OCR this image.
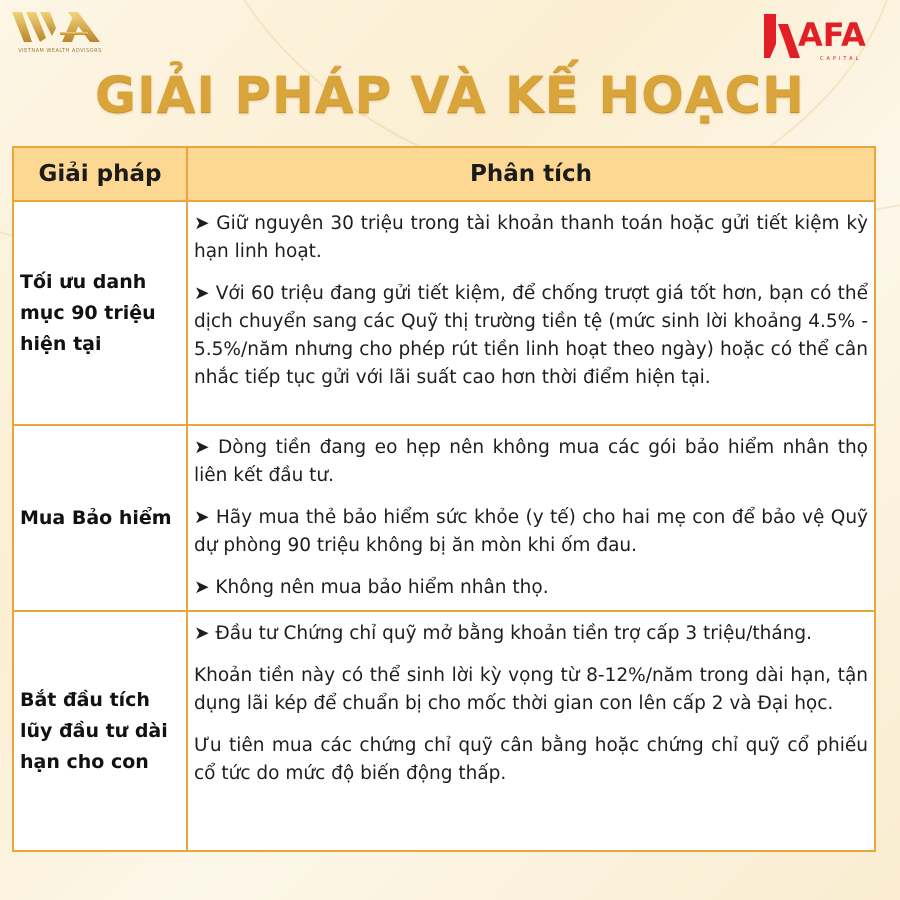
VIETNAM WEALTH ADVISORS	AFA
CAPITAL
GIẢI PHÁP VÀ KẾ HOẠCH
Giải pháp	Phân tích
Tối ưu danh mục 90 triệu hiện tại	➤ Giữ nguyên 30 triệu trong tài khoản thanh toán hoặc gửi tiết kiệm kỳ hạn linh hoạt.

➤ Với 60 triệu đang gửi tiết kiệm, để chống trượt giá tốt hơn, bạn có thể dịch chuyển sang các Quỹ thị trường tiền tệ (mức sinh lời khoảng 4.5% - 5.5%/năm nhưng cho phép rút tiền linh hoạt theo ngày) hoặc có thể cân nhắc tiếp tục gửi với lãi suất cao hơn thời điểm hiện tại.

Mua Bảo hiểm	➤ Dòng tiền đang eo hẹp nên không mua các gói bảo hiểm nhân thọ liên kết đầu tư.

➤ Hãy mua thẻ bảo hiểm sức khỏe (y tế) cho hai mẹ con để bảo vệ Quỹ dự phòng 90 triệu không bị ăn mòn khi ốm đau.

➤ Không nên mua bảo hiểm nhân thọ.

Bắt đầu tích lũy đầu tư dài hạn cho con	➤ Đầu tư Chứng chỉ quỹ mở bằng khoản tiền trợ cấp 3 triệu/tháng.

Khoản tiền này có thể sinh lời kỳ vọng từ 8-12%/năm trong dài hạn, tận dụng lãi kép để chuẩn bị cho mốc thời gian con lên cấp 2 và Đại học.

Ưu tiên mua các chứng chỉ quỹ cân bằng hoặc chứng chỉ quỹ cổ phiếu cổ tức do mức độ biến động thấp.
